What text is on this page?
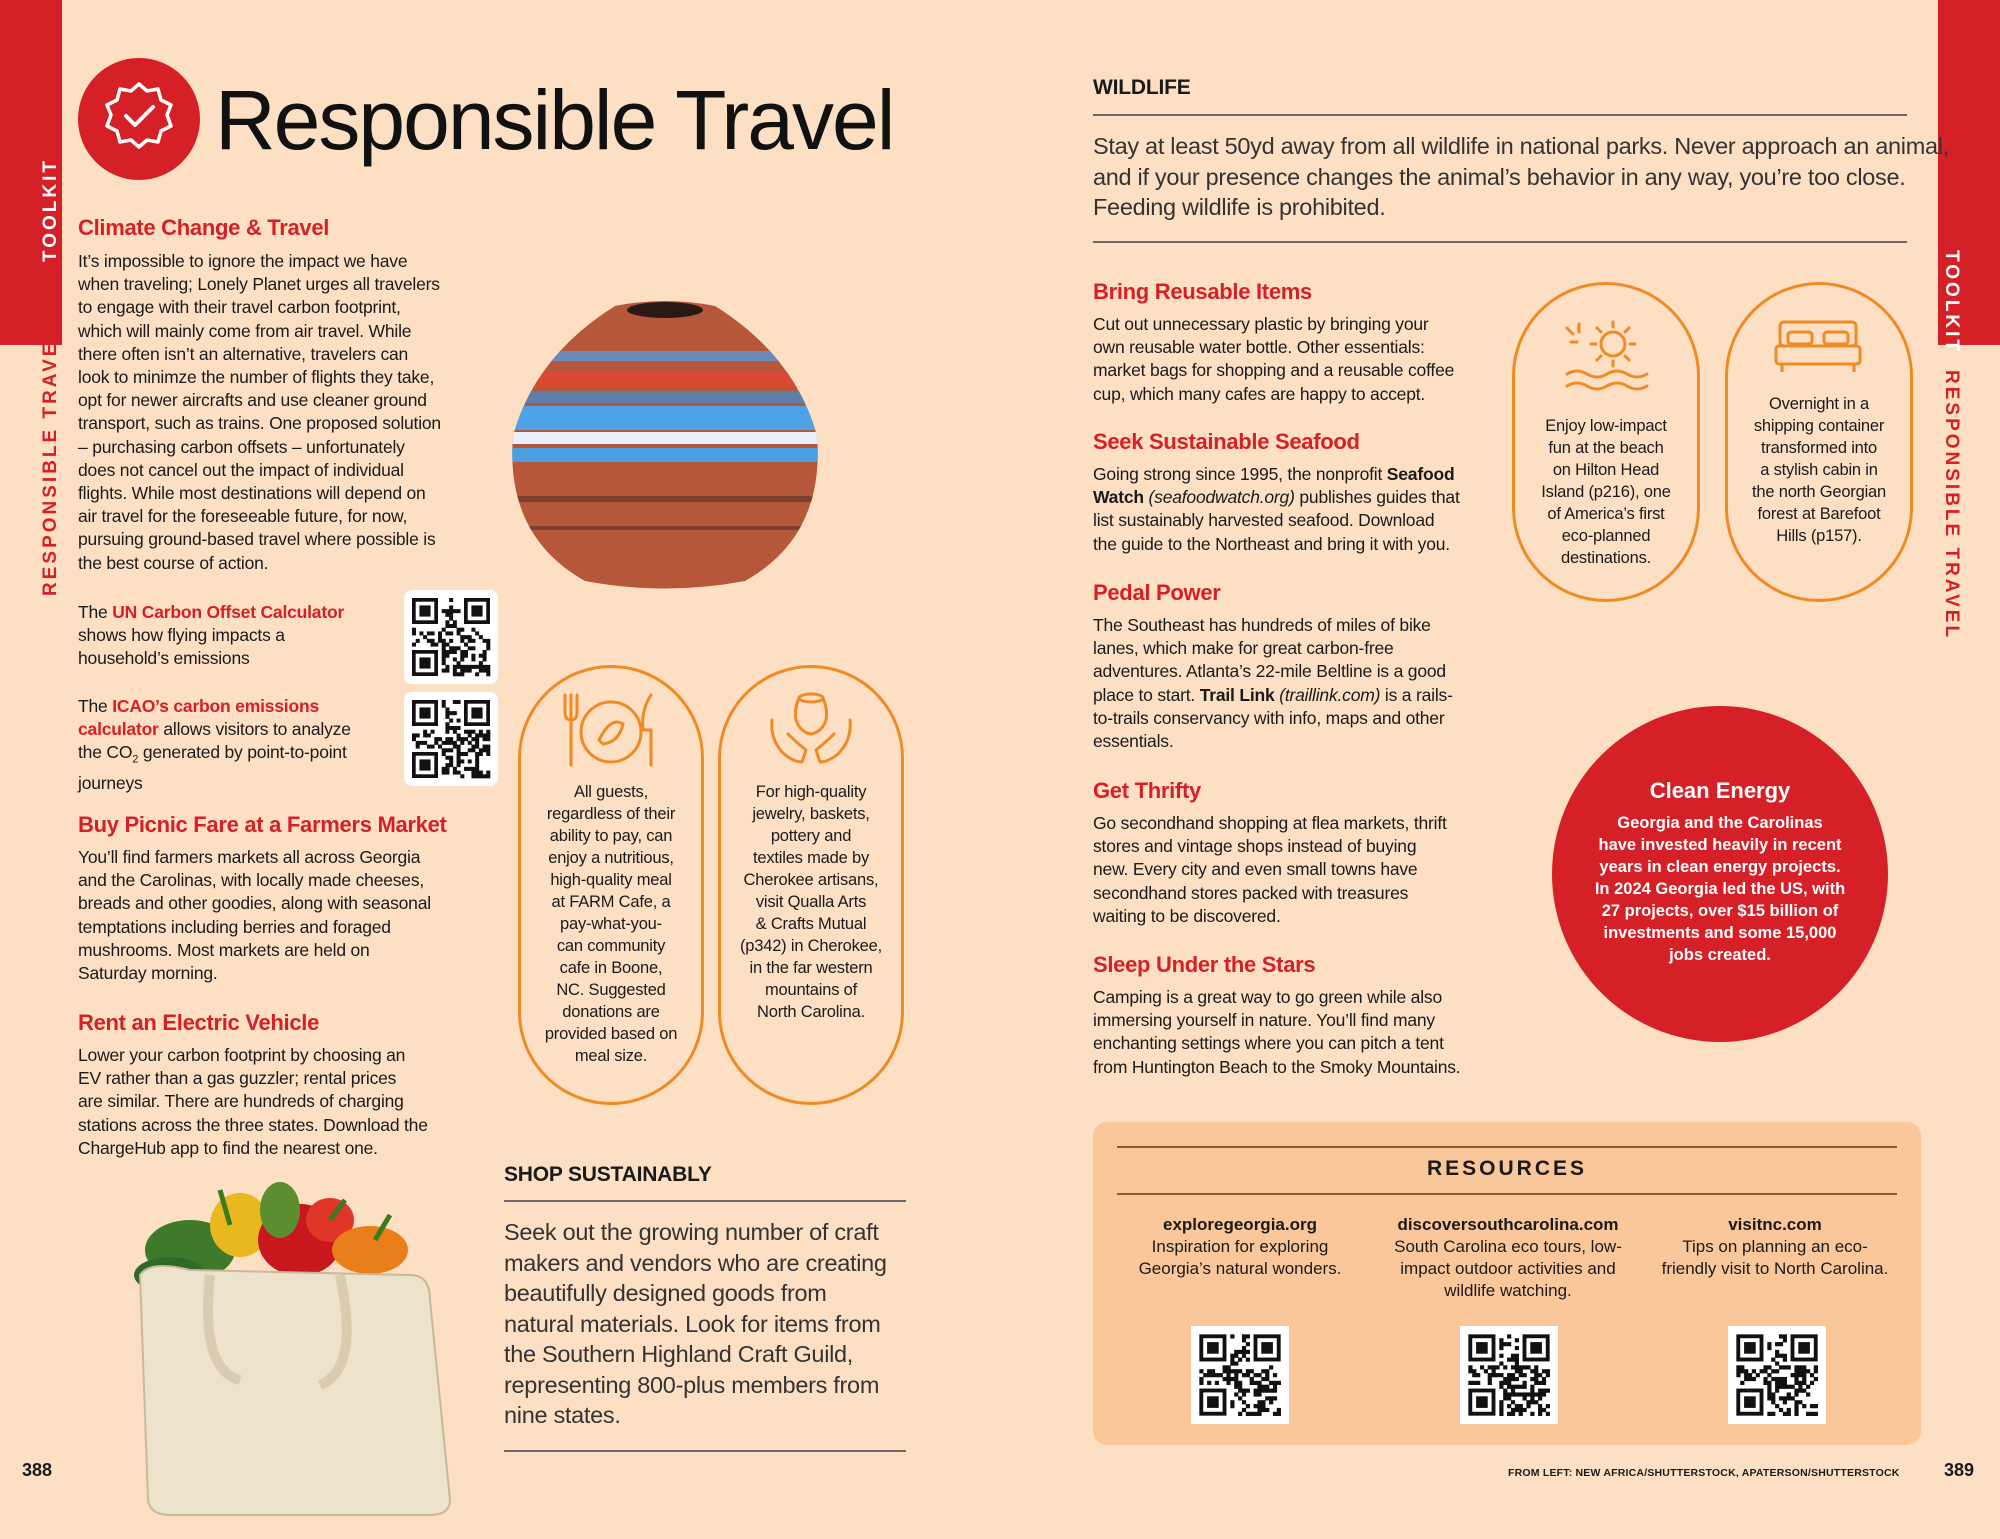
TOOLKIT
RESPONSIBLE TRAVEL
TOOLKIT
RESPONSIBLE TRAVEL
Responsible Travel
Climate Change & Travel
It’s impossible to ignore the impact we have
when traveling; Lonely Planet urges all travelers
to engage with their travel carbon footprint,
which will mainly come from air travel. While
there often isn’t an alternative, travelers can
look to minimze the number of flights they take,
opt for newer aircrafts and use cleaner ground
transport, such as trains. One proposed solution
– purchasing carbon offsets – unfortunately
does not cancel out the impact of individual
flights. While most destinations will depend on
air travel for the foreseeable future, for now,
pursuing ground-based travel where possible is
the best course of action.
The UN Carbon Offset Calculator
shows how flying impacts a
household’s emissions
The ICAO’s carbon emissions
calculator allows visitors to analyze
the $CO_2$ generated by point-to-point
journeys
Buy Picnic Fare at a Farmers Market
You’ll find farmers markets all across Georgia
and the Carolinas, with locally made cheeses,
breads and other goodies, along with seasonal
temptations including berries and foraged
mushrooms. Most markets are held on
Saturday morning.
Rent an Electric Vehicle
Lower your carbon footprint by choosing an
EV rather than a gas guzzler; rental prices
are similar. There are hundreds of charging
stations across the three states. Download the
ChargeHub app to find the nearest one.
All guests,
regardless of their
ability to pay, can
enjoy a nutritious,
high-quality meal
at FARM Cafe, a
pay-what-you-
can community
cafe in Boone,
NC. Suggested
donations are
provided based on
meal size.
For high-quality
jewelry, baskets,
pottery and
textiles made by
Cherokee artisans,
visit Qualla Arts
& Crafts Mutual
(p342) in Cherokee,
in the far western
mountains of
North Carolina.
SHOP SUSTAINABLY
Seek out the growing number of craft
makers and vendors who are creating
beautifully designed goods from
natural materials. Look for items from
the Southern Highland Craft Guild,
representing 800-plus members from
nine states.
388
WILDLIFE
Stay at least 50yd away from all wildlife in national parks. Never approach an animal,
and if your presence changes the animal’s behavior in any way, you’re too close.
Feeding wildlife is prohibited.
Bring Reusable Items
Cut out unnecessary plastic by bringing your
own reusable water bottle. Other essentials:
market bags for shopping and a reusable coffee
cup, which many cafes are happy to accept.
Seek Sustainable Seafood
Going strong since 1995, the nonprofit Seafood
Watch (seafoodwatch.org) publishes guides that
list sustainably harvested seafood. Download
the guide to the Northeast and bring it with you.
Pedal Power
The Southeast has hundreds of miles of bike
lanes, which make for great carbon-free
adventures. Atlanta’s 22-mile Beltline is a good
place to start. Trail Link (traillink.com) is a rails-
to-trails conservancy with info, maps and other
essentials.
Get Thrifty
Go secondhand shopping at flea markets, thrift
stores and vintage shops instead of buying
new. Every city and even small towns have
secondhand stores packed with treasures
waiting to be discovered.
Sleep Under the Stars
Camping is a great way to go green while also
immersing yourself in nature. You’ll find many
enchanting settings where you can pitch a tent
from Huntington Beach to the Smoky Mountains.
Enjoy low-impact
fun at the beach
on Hilton Head
Island (p216), one
of America’s first
eco-planned
destinations.
Overnight in a
shipping container
transformed into
a stylish cabin in
the north Georgian
forest at Barefoot
Hills (p157).
Clean Energy
Georgia and the Carolinas
have invested heavily in recent
years in clean energy projects.
In 2024 Georgia led the US, with
27 projects, over $15 billion of
investments and some 15,000
jobs created.
RESOURCES
exploregeorgia.org
Inspiration for exploring
Georgia’s natural wonders.
discoversouthcarolina.com
South Carolina eco tours, low-
impact outdoor activities and
wildlife watching.
visitnc.com
Tips on planning an eco-
friendly visit to North Carolina.
FROM LEFT: NEW AFRICA/SHUTTERSTOCK, APATERSON/SHUTTERSTOCK 389
